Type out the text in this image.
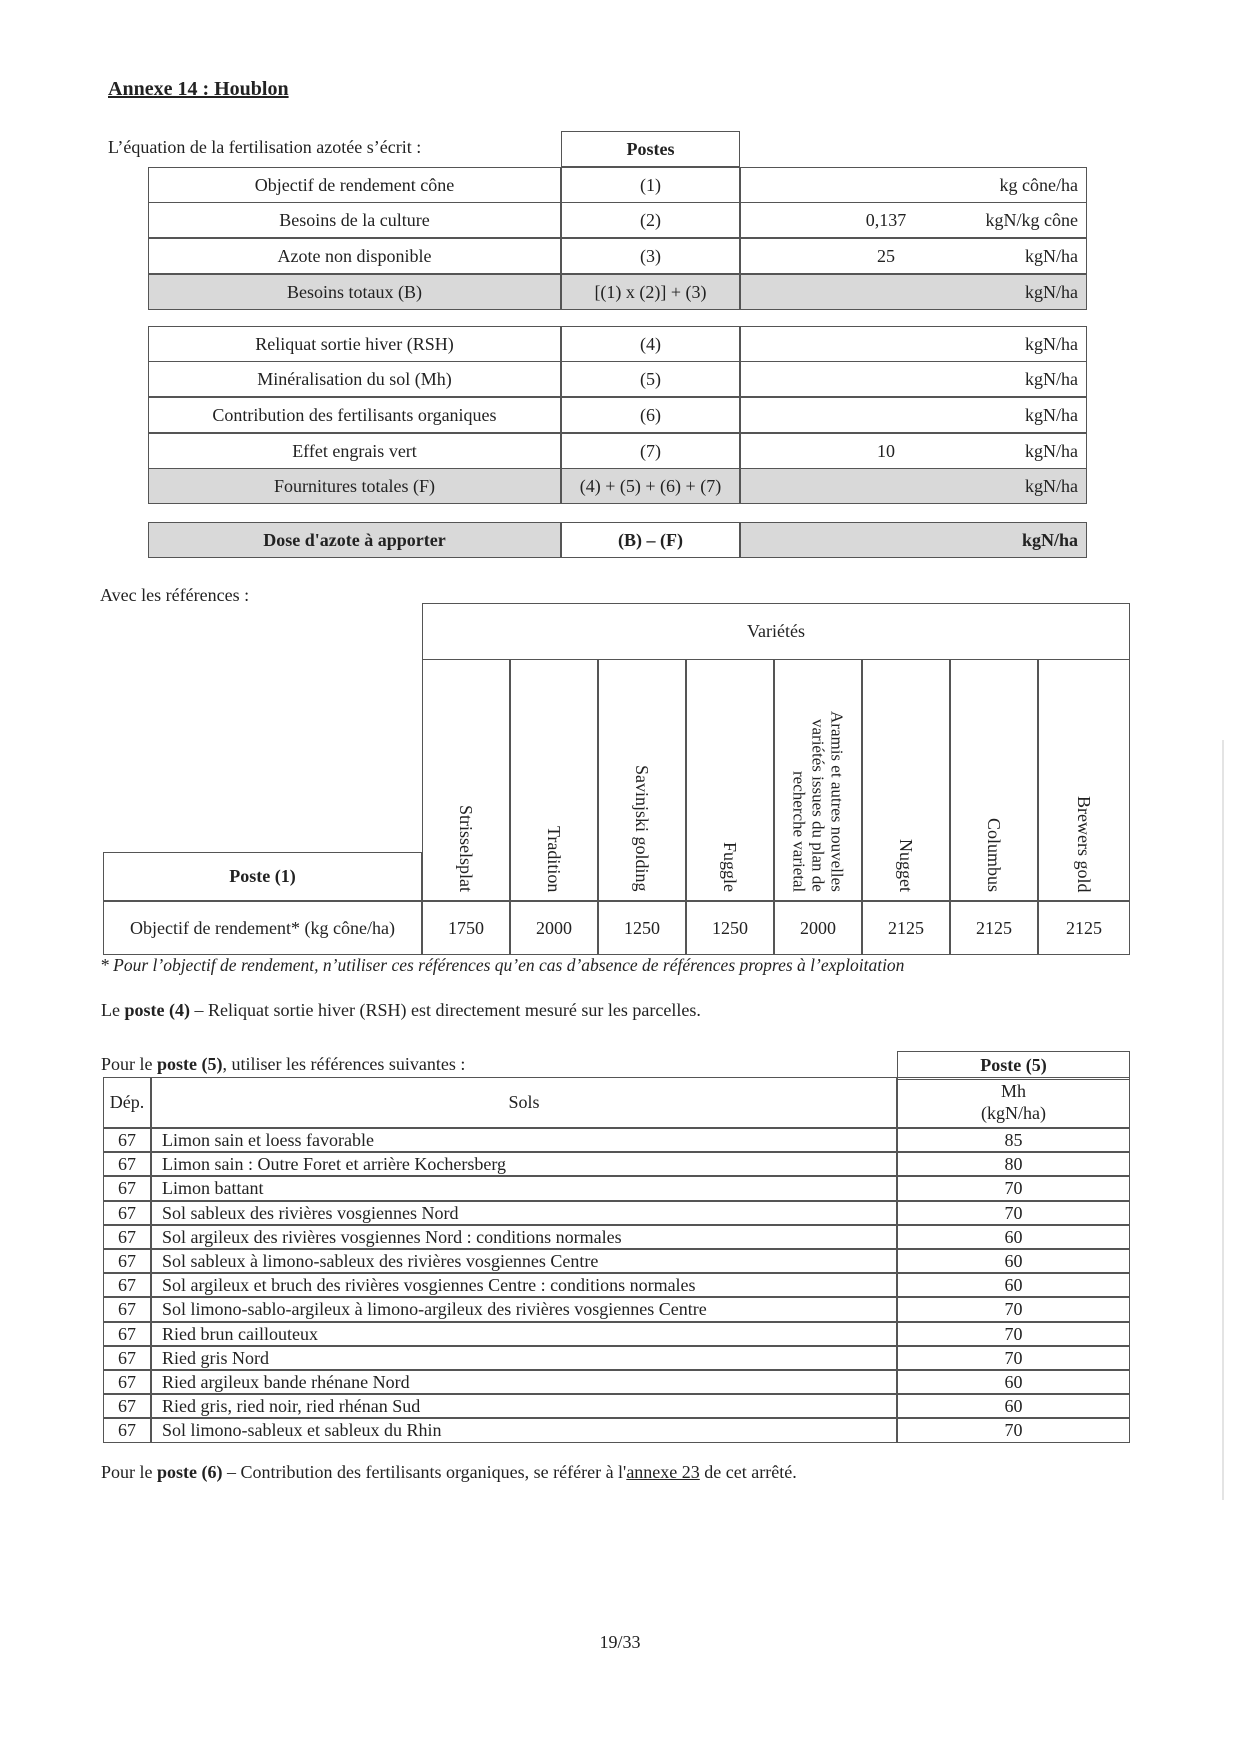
Annexe 14 : Houblon
L’équation de la fertilisation azotée s’écrit :	Postes
Objectif de rendement cône	(1)	kg cône/ha
Besoins de la culture	(2)	0,137	kgN/kg cône
Azote non disponible	(3)	25	kgN/ha
Besoins totaux (B)	[(1) x (2)] + (3)	kgN/ha
Reliquat sortie hiver (RSH)	(4)	kgN/ha
Minéralisation du sol (Mh)	(5)	kgN/ha
Contribution des fertilisants organiques	(6)	kgN/ha
Effet engrais vert	(7)	10	kgN/ha
Fournitures totales (F)	(4) + (5) + (6) + (7)	kgN/ha
Dose d'azote à apporter	(B) – (F)	kgN/ha
Avec les références :
Variétés
Strisselsplat	Tradition	Savinjski golding	Fuggle	Aramis et autres nouvelles variétés issues du plan de recherche varietal	Nugget	Columbus	Brewers gold
Poste (1)
Objectif de rendement* (kg cône/ha)	1750	2000	1250	1250	2000	2125	2125	2125
* Pour l’objectif de rendement, n’utiliser ces références qu’en cas d’absence de références propres à l’exploitation
Le poste (4) – Reliquat sortie hiver (RSH) est directement mesuré sur les parcelles.
Pour le poste (5), utiliser les références suivantes :	Poste (5)
Dép.	Sols
Mh
(kgN/ha)
67	Limon sain et loess favorable	85
67	Limon sain : Outre Foret et arrière Kochersberg	80
67	Limon battant	70
67	Sol sableux des rivières vosgiennes Nord	70
67	Sol argileux des rivières vosgiennes Nord : conditions normales	60
67	Sol sableux à limono-sableux des rivières vosgiennes Centre	60
67	Sol argileux et bruch des rivières vosgiennes Centre : conditions normales	60
67	Sol limono-sablo-argileux à limono-argileux des rivières vosgiennes Centre	70
67	Ried brun caillouteux	70
67	Ried gris Nord	70
67	Ried argileux bande rhénane Nord	60
67	Ried gris, ried noir, ried rhénan Sud	60
67	Sol limono-sableux et sableux du Rhin	70
Pour le poste (6) – Contribution des fertilisants organiques, se référer à l'annexe 23 de cet arrêté.
19/33
